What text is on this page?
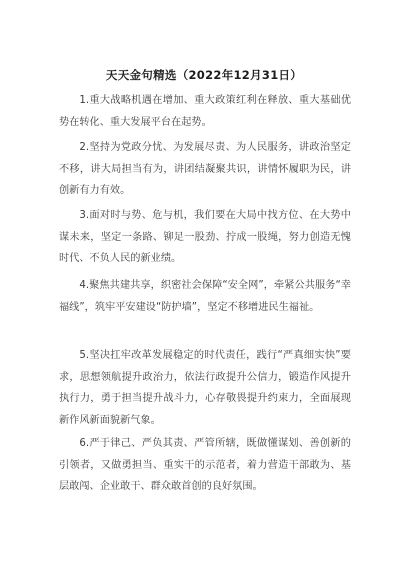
天天金句精选（2022年12月31日）

1.重大战略机遇在增加、重大政策红利在释放、重大基础优势在转化、重大发展平台在起势。

2.坚持为党政分忧、为发展尽责、为人民服务，讲政治坚定不移，讲大局担当有为，讲团结凝聚共识，讲情怀履职为民，讲创新有力有效。

3.面对时与势、危与机，我们要在大局中找方位、在大势中谋未来，坚定一条路、铆足一股劲、拧成一股绳，努力创造无愧时代、不负人民的新业绩。

4.聚焦共建共享，织密社会保障“安全网”，牵紧公共服务“幸福线”，筑牢平安建设“防护墙”，坚定不移增进民生福祉。

5.坚决扛牢改革发展稳定的时代责任，践行“严真细实快”要求，思想领航提升政治力，依法行政提升公信力，锻造作风提升执行力，勇于担当提升战斗力，心存敬畏提升约束力，全面展现新作风新面貌新气象。

6.严于律己、严负其责、严管所辖，既做懂谋划、善创新的引领者，又做勇担当、重实干的示范者，着力营造干部敢为、基层敢闯、企业敢干、群众敢首创的良好氛围。
